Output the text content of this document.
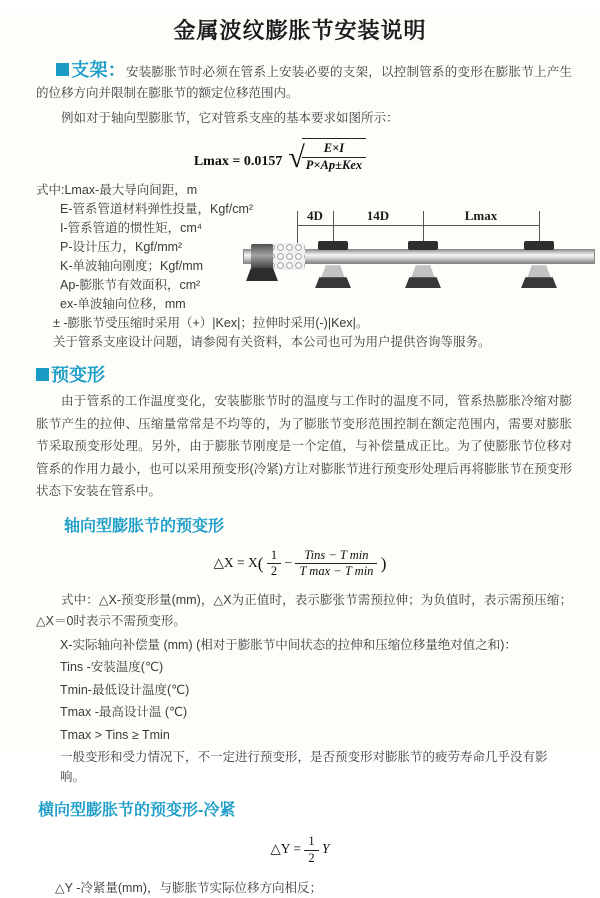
金属波纹膨胀节安装说明

支架：安装膨胀节时必须在管系上安装必要的支架，以控制管系的变形在膨胀节上产生的位移方向并限制在膨胀节的额定位移范围内。

例如对于轴向型膨胀节，它对管系支座的基本要求如图所示：

Lmax = 0.0157 √
$\frac{E\times I}{\text{P×Ap±Kex}}$
式中:Lmax-最大导向间距，m
E-管系管道材料弹性投量，Kgf/cm²
I-管系管道的惯性矩，cm⁴
P-设计压力，Kgf/mm²
K-单波轴向刚度；Kgf/mm
Ap-膨胀节有效面积，cm²
ex-单波轴向位移，mm
4D	14D	Lmax
± -膨胀节受压缩时采用（+）|Kex|；拉伸时采用(-)|Kex|。
关于管系支座设计问题，请参阅有关资料，本公司也可为用户提供咨询等服务。

预变形

由于管系的工作温度变化，安装膨胀节时的温度与工作时的温度不同，管系热膨胀冷缩对膨胀节产生的拉伸、压缩量常常是不均等的，为了膨胀节变形范围控制在额定范围内，需要对膨胀节采取预变形处理。另外，由于膨胀节刚度是一个定值，与补偿量成正比。为了使膨胀节位移对管系的作用力最小，也可以采用预变形(冷紧)方让对膨胀节进行预变形处理后再将膨胀节在预变形状态下安装在管系中。

轴向型膨胀节的预变形

△X = $X( \frac{1}{2} - \frac{\text{Tins − T min}}{\text{T max − T min}}$ )

式中：△X-预变形量(mm)，△X为正值时，表示膨张节需预拉伸；为负值时，表示需预压缩；△X＝0时表示不需预变形。

X-实际轴向补偿量 (mm) (相对于膨胀节中间状态的拉伸和压缩位移量绝对值之和)：
Tins -安装温度(℃)
Tmin-最低设计温度(℃)
Tmax -最高设计温 (℃)
Tmax > Tins ≥ Tmin
一般变形和受力情况下，不一定进行预变形，是否预变形对膨胀节的疲劳寿命几乎没有影响。

横向型膨胀节的预变形-冷紧

△Y = $\frac{1}{2}$ Y
△Y -冷紧量(mm)，与膨胀节实际位移方向相反；
